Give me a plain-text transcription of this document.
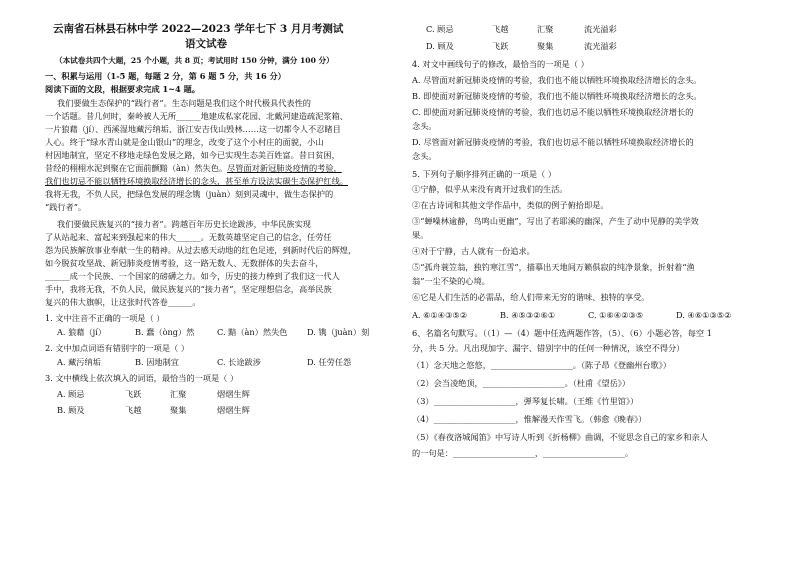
云南省石林县石林中学 2022—2023 学年七下 3 月月考测试
语文试卷
（本试卷共四个大题，25 个小题，共 8 页；考试用时 150 分钟，满分 100 分）
一、积累与运用（1-5 题，每题 2 分，第 6 题 5 分，共 16 分）
阅读下面的文段，根据要求完成 1~4 题。
我们要做生态保护的“践行者”。生态问题是我们这个时代极具代表性的
一个话题。昔几何时，秦岭被人无所______地建成私家花园、北戴河建造疏泥浆箱、
一片狼藉（jí）、西溪湿地藏污纳垢、浙江安吉伐山毁林……这一切都令人不忍睹目
人心。终于“绿水青山就是金山银山”的理念，改变了这个小村庄的面貌，小山
村因地制宜，坚定不移地走绿色发展之路，如今已实现生态美百姓富。昔日贫困，
昔经的栩栩水泥到聚在它面前颤黯（àn）然失色。尽管面对新冠肺炎疫情的考验，
我们也切忌不能以牺牲环境换取经济增长的念头，甚至单方设法实碳生态保护红线。
我将无我，不负人民，把绿色发展的理念镌（juàn）刻到灵魂中，做生态保护的
“践行者”。
我们要做民族复兴的“接力者”。跨越百年历史长途跋涉，中华民族实现
了从站起来、富起来到强起来的伟大______。无数英雄坚定自己的信念，任劳任
怨为民族解放事业奉献一生的精神。从过去感天动地的红色足迹，到新时代后的辉煌，
如今脱贫攻坚战、新冠肺炎疫情考验，这一路无数人、无数群体的失去奋斗，
______成一个民族、一个国家的磅礴之力。如今，历史的接力棒到了我们这一代人
手中，我将无我，不负人民，做民族复兴的“接力者”，坚定理想信念，高举民族
复兴的伟大旗帜，让这张时代答卷______。
1. 文中注音不正确的一项是（ ）
A. 狼藉（jí）	B. 蠢（òng）然	C. 黯（àn）然失色 D. 镌（juàn）刻
2. 文中加点词语有错别字的一项是（ ）
A. 藏污纳垢	B. 因地制宜	C. 长途跋涉	D. 任劳任怨
3. 文中横线上依次填入的词语，最恰当的一项是（ ）
A. 顾忌	飞跃	汇聚	熠熠生辉
B. 顾及	飞越	聚集	熠熠生辉
C. 顾忌	飞越	汇聚	流光溢彩
D. 顾及	飞跃	聚集	流光溢彩
4. 对文中画线句子的修改，最恰当的一项是（ ）
A. 尽管面对新冠肺炎疫情的考验，我们也不能以牺牲环境换取经济增长的念头。
B. 即使面对新冠肺炎疫情的考验，我们也不能以牺牲环境换取经济增长的念头。
C. 即使面对新冠肺炎疫情的考验，我们也切忌不能以牺牲环境换取经济增长的
念头。
D. 尽管面对新冠肺炎疫情的考验，我们也切忌不能以牺牲环境换取经济增长的
念头。
5. 下列句子顺序排列正确的一项是（ ）
①宁静，似乎从来没有离开过我们的生活。
②在古诗词和其他文学作品中，类似的例子俯拾即是。
③“蝉噪林逾静，鸟鸣山更幽”，写出了若耶溪的幽深，产生了动中见静的美学效
果。
④对于宁静，古人就有一份追求。
⑤“孤舟蓑笠翁，独钓寒江雪”，描摹出天地间万籁俱寂的纯净景象，折射着“渔
翁”一尘不染的心境。
⑥它是人们生活的必需品，给人们带来无穷的谐味、独特的享受。
A. ⑥①④③⑤②	B. ④⑤③②⑥①	C. ①⑥④②③⑤	D. ④⑥①③⑤②
6、名篇名句默写。（（1）—（4）题中任选两题作答，（5）、（6）小题必答，每空 1
分，共 5 分。凡出现加字、漏字、错别字中的任何一种情况，该空不得分）
（1）念天地之悠悠，____________________。（陈子昂《登幽州台歌》）
（2）会当凌绝顶，____________________。（杜甫《望岳》）
（3）____________________，弹琴复长啸。（王维《竹里馆》）
（4）____________________，惟解漫天作雪飞。（韩愈《晚春》）
（5）《春夜洛城闻笛》中写诗人听到《折杨柳》曲调，不觉思念自己的家乡和亲人
的一句是：____________________，____________________。
